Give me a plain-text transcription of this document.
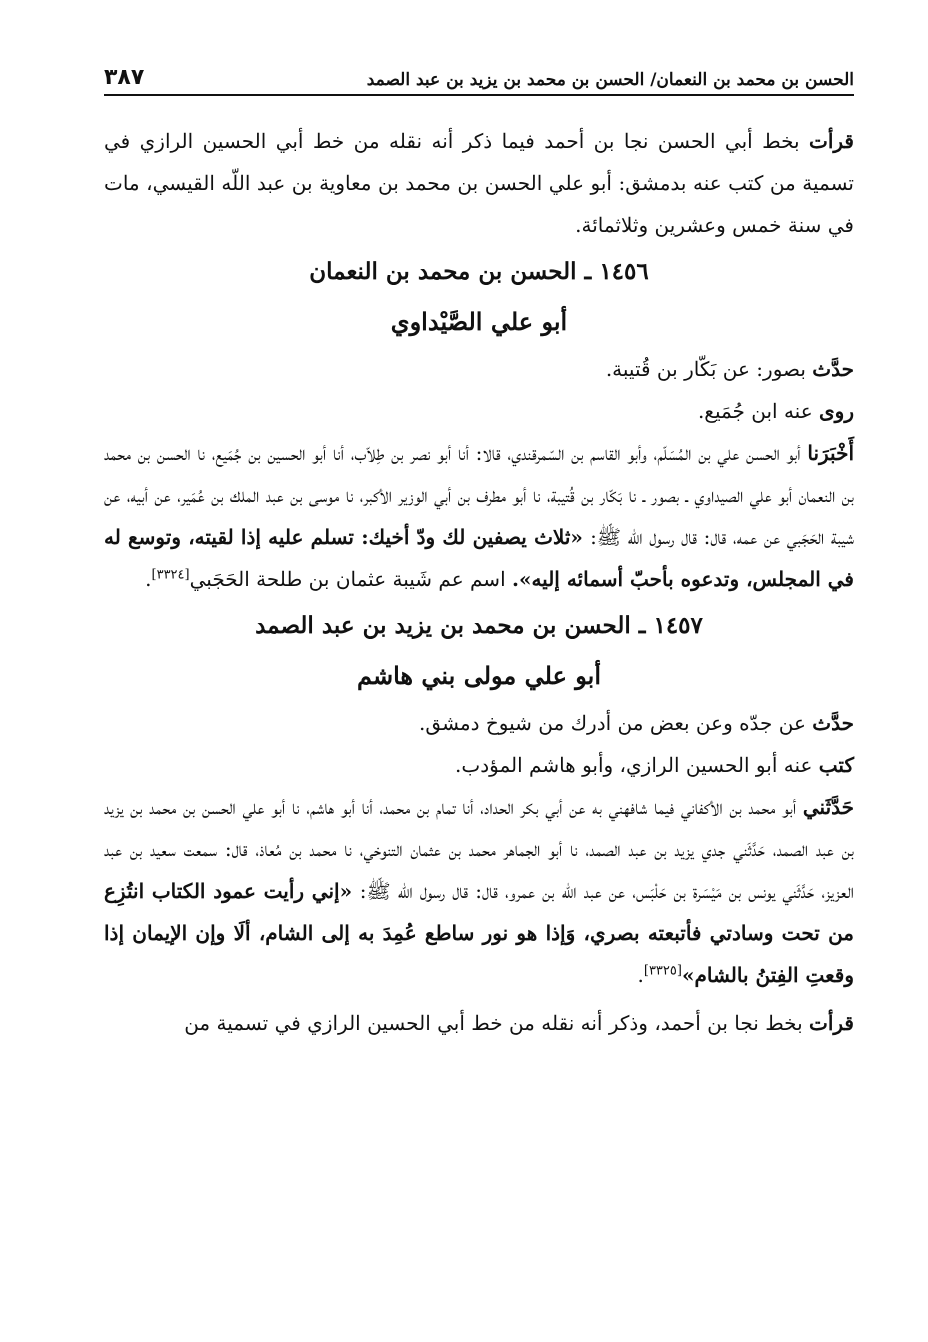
الحسن بن محمد بن النعمان/ الحسن بن محمد بن يزيد بن عبد الصمد
٣٨٧

قرأت بخط أبي الحسن نجا بن أحمد فيما ذكر أنه نقله من خط أبي الحسين الرازي في تسمية من كتب عنه بدمشق: أبو علي الحسن بن محمد بن معاوية بن عبد اللّه القيسي، مات في سنة خمس وعشرين وثلاثمائة.

١٤٥٦ ـ الحسن بن محمد بن النعمان
أبو علي الصَّيْداوي

حدَّث بصور: عن بَكّار بن قُتيبة.

روى عنه ابن جُمَيع.

أَخْبَرَنا أبو الحسن علي بن المُسَلّم، وأبو القاسم بن السّمرقندي، قالا: أنا أبو نصر بن طِلاّب، أنا أبو الحسين بن جُمَيع، نا الحسن بن محمد بن النعمان أبو علي الصيداوي ـ بصور ـ نا بَكّار بن قُتيبة، نا أبو مطرف بن أبي الوزير الأكبر، نا موسى بن عبد الملك بن عُمَير، عن أبيه، عن شيبة الحَجَبي عن عمه، قال: قال رسول اللّه ﷺ: «ثلاث يصفين لك ودّ أخيك: تسلم عليه إذا لقيته، وتوسع له في المجلس، وتدعوه بأحبّ أسمائه إليه». اسم عم شَيبة عثمان بن طلحة الحَجَبي[٣٣٢٤].

١٤٥٧ ـ الحسن بن محمد بن يزيد بن عبد الصمد
أبو علي مولى بني هاشم

حدَّث عن جدّه وعن بعض من أدرك من شيوخ دمشق.

كتب عنه أبو الحسين الرازي، وأبو هاشم المؤدب.

حَدَّثَني أبو محمد بن الأكفاني فيما شافهني به عن أبي بكر الحداد، أنا تمام بن محمد، أنا أبو هاشم، نا أبو علي الحسن بن محمد بن يزيد بن عبد الصمد، حَدَّثَني جدي يزيد بن عبد الصمد، نا أبو الجماهر محمد بن عثمان التنوخي، نا محمد بن مُعاذ، قال: سمعت سعيد بن عبد العزيز، حَدَّثَني يونس بن مَيْسَرة بن حَلْبَس، عن عبد اللّه بن عمرو، قال: قال رسول اللّه ﷺ: «إني رأيت عمود الكتاب انتُزِع من تحت وسادتي فأتبعته بصري، وَإذا هو نور ساطع عُمِدَ به إلى الشام، ألَا وإن الإيمان إذا وقعتِ الفِتنُ بالشام»[٣٣٢٥].

قرأت بخط نجا بن أحمد، وذكر أنه نقله من خط أبي الحسين الرازي في تسمية من
